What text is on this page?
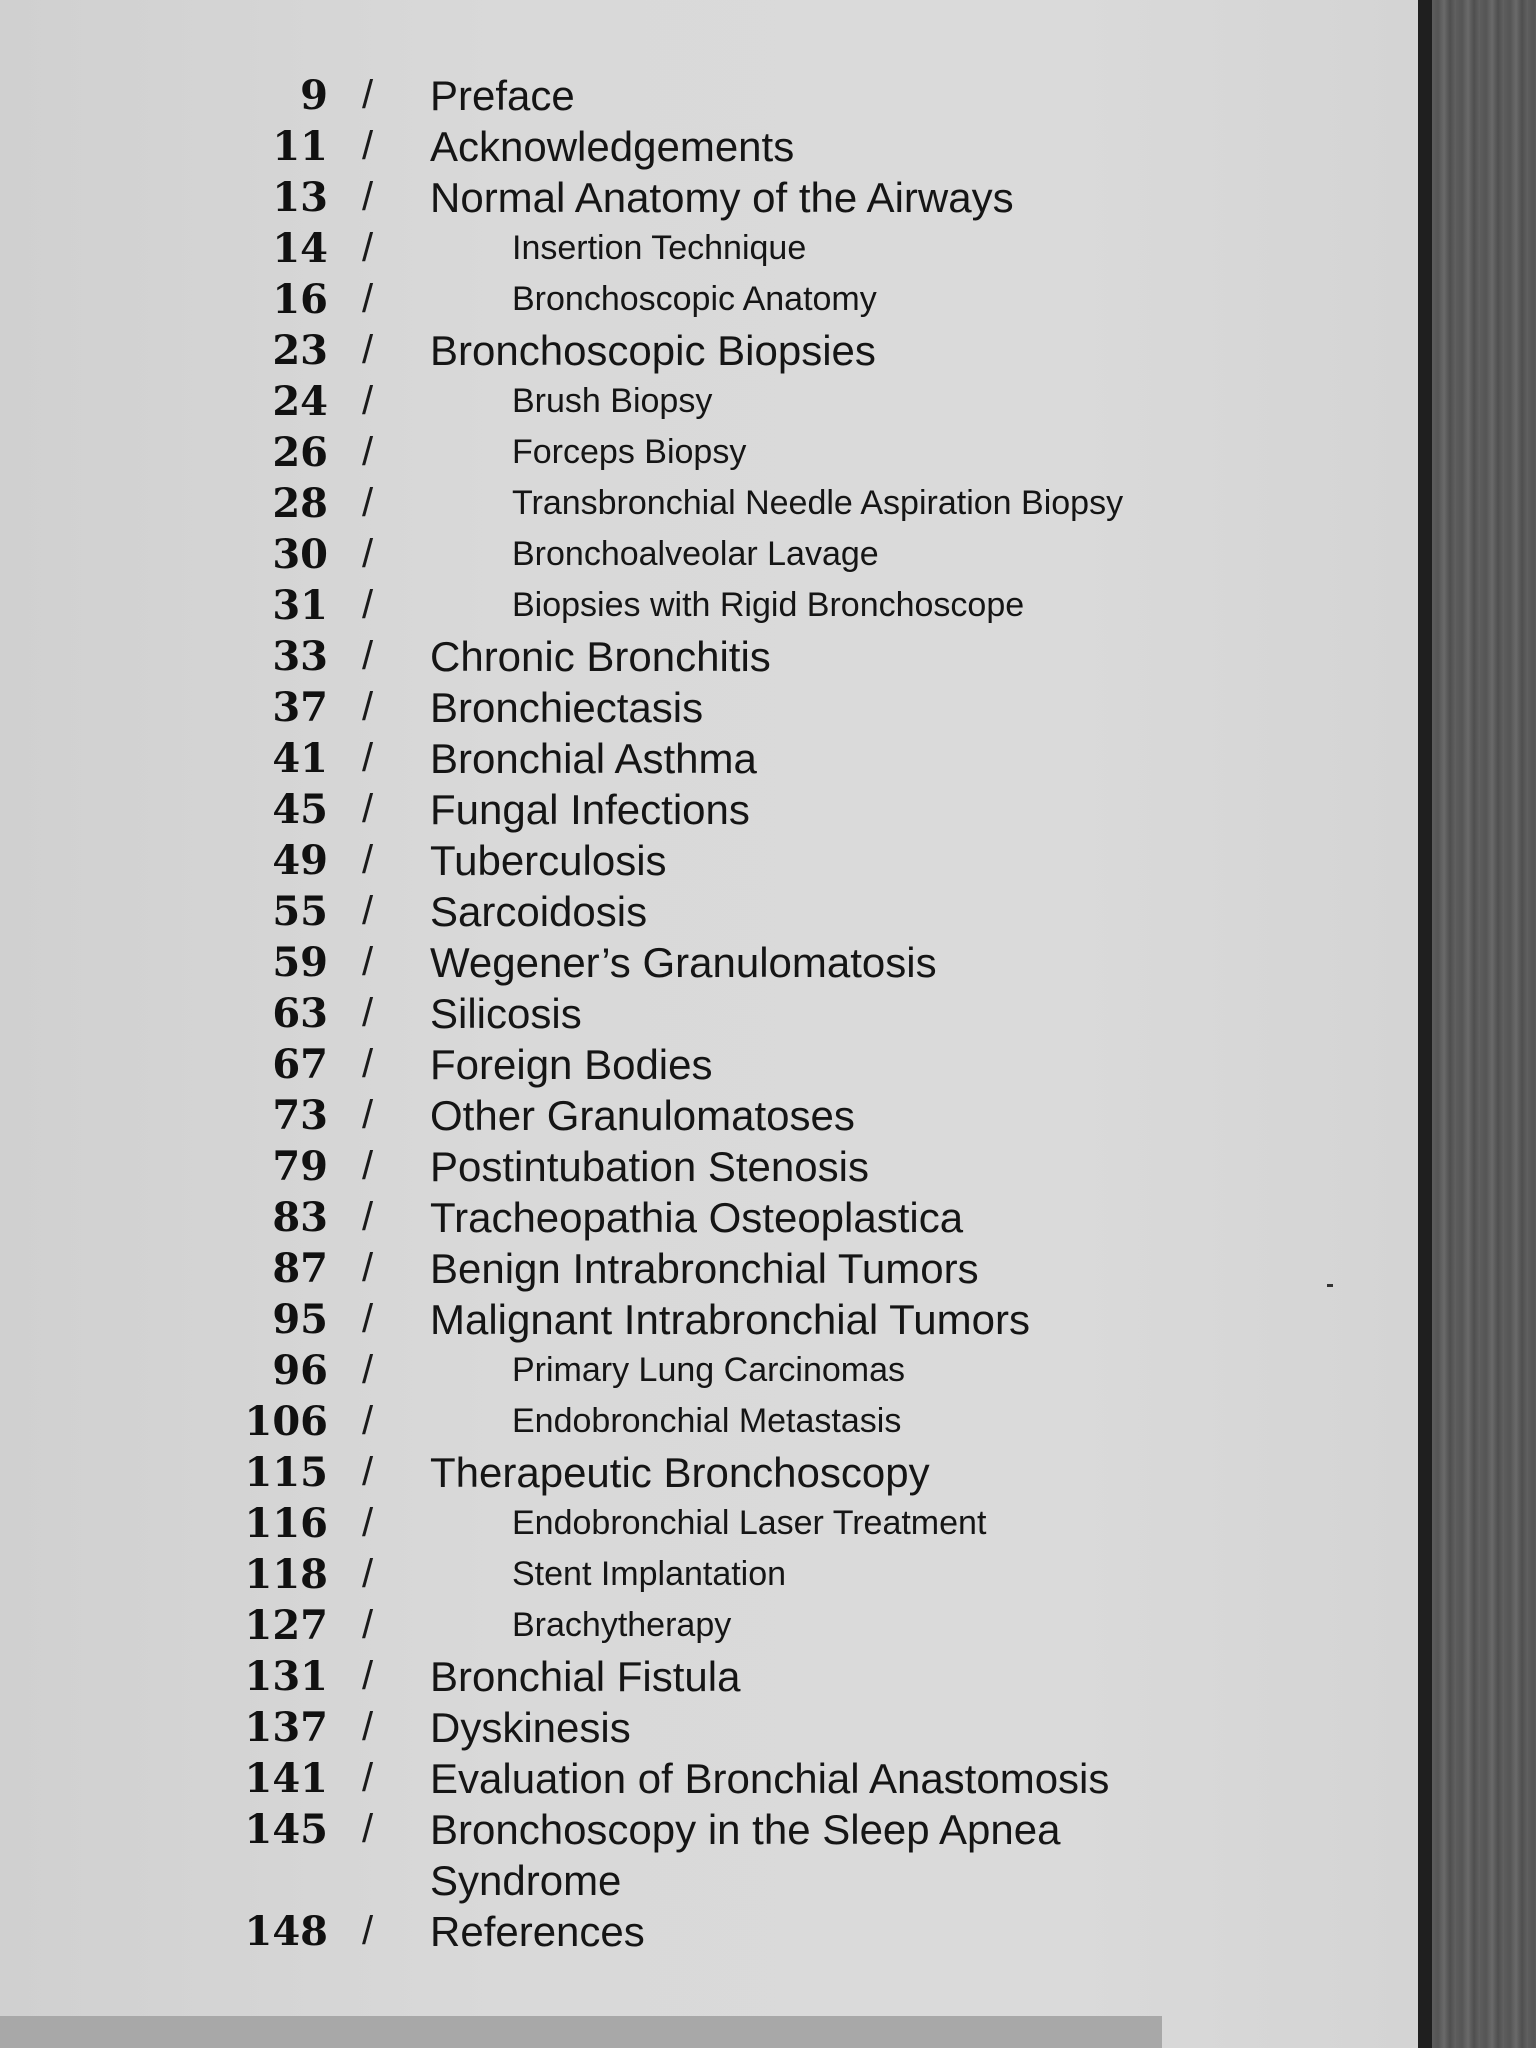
9 / Preface
11 / Acknowledgements
13 / Normal Anatomy of the Airways
14 /	Insertion Technique
16 /	Bronchoscopic Anatomy
23 / Bronchoscopic Biopsies
24 /	Brush Biopsy
26 /	Forceps Biopsy
28 /	Transbronchial Needle Aspiration Biopsy
30 /	Bronchoalveolar Lavage
31 /	Biopsies with Rigid Bronchoscope
33 / Chronic Bronchitis
37 / Bronchiectasis
41 / Bronchial Asthma
45 / Fungal Infections
49 / Tuberculosis
55 / Sarcoidosis
59 / Wegener’s Granulomatosis
63 / Silicosis
67 / Foreign Bodies
73 / Other Granulomatoses
79 / Postintubation Stenosis
83 / Tracheopathia Osteoplastica
87 / Benign Intrabronchial Tumors
95 / Malignant Intrabronchial Tumors
96 /	Primary Lung Carcinomas
106 /	Endobronchial Metastasis
115 / Therapeutic Bronchoscopy
116 /	Endobronchial Laser Treatment
118 /	Stent Implantation
127 /	Brachytherapy
131 / Bronchial Fistula
137 / Dyskinesis
141 / Evaluation of Bronchial Anastomosis
145 / Bronchoscopy in the Sleep Apnea Syndrome
148 / References
